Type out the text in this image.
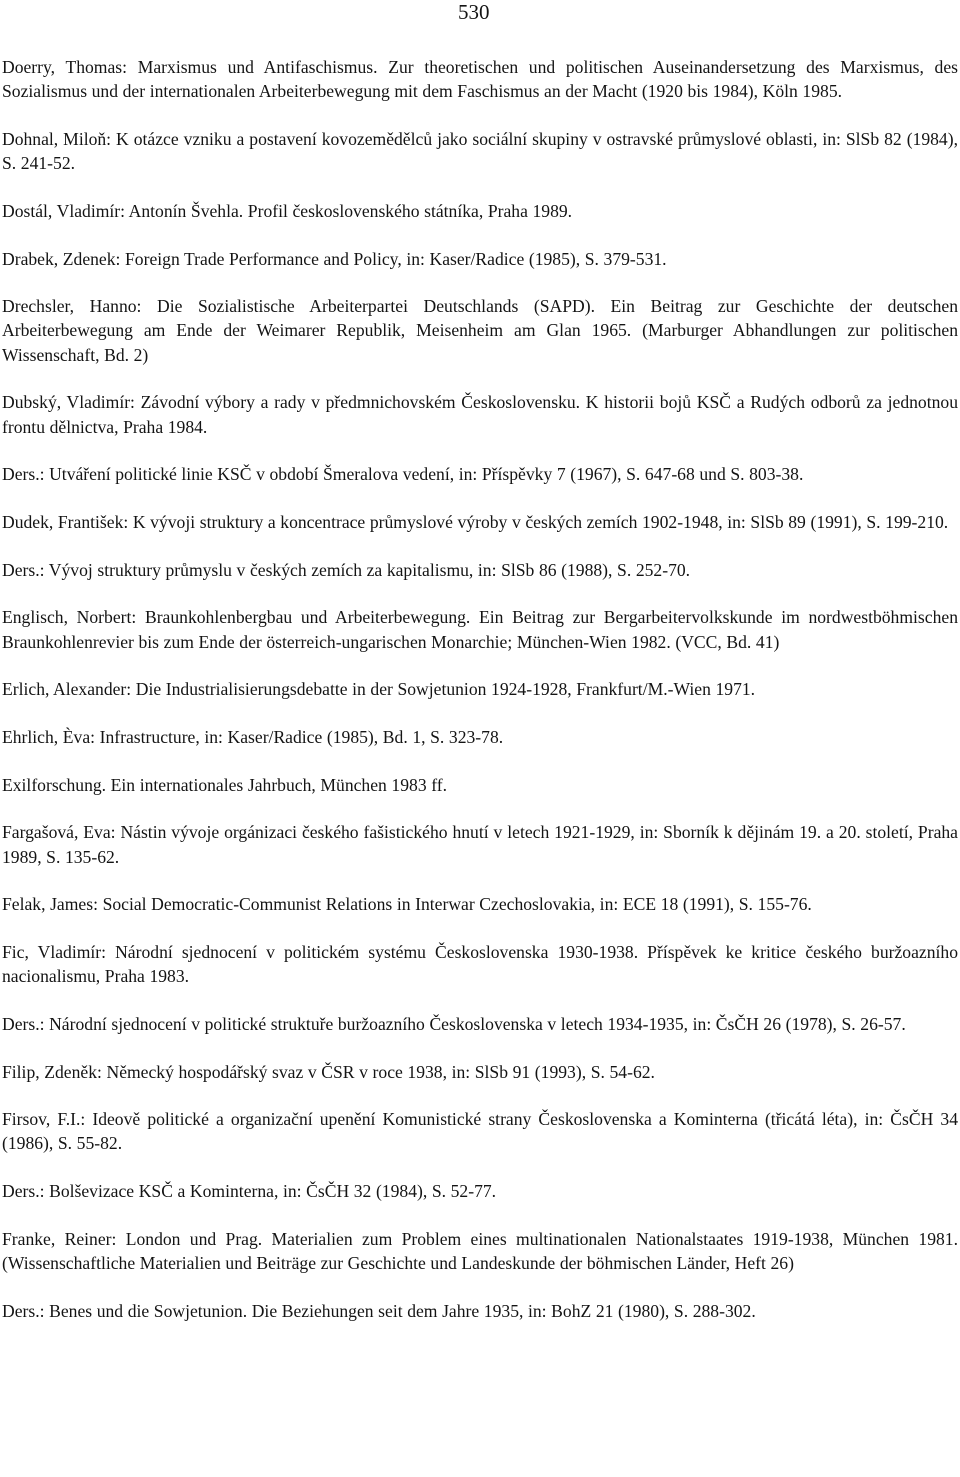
530

Doerry, Thomas: Marxismus und Antifaschismus. Zur theoretischen und politischen Auseinandersetzung des Marxismus, des Sozialismus und der internationalen Arbeiterbewegung mit dem Faschismus an der Macht (1920 bis 1984), Köln 1985.

Dohnal, Miloň: K otázce vzniku a postavení kovozemědělců jako sociální skupiny v ostravské průmyslové oblasti, in: SlSb 82 (1984), S. 241-52.

Dostál, Vladimír: Antonín Švehla. Profil československého státníka, Praha 1989.

Drabek, Zdenek: Foreign Trade Performance and Policy, in: Kaser/Radice (1985), S. 379-531.

Drechsler, Hanno: Die Sozialistische Arbeiterpartei Deutschlands (SAPD). Ein Beitrag zur Geschichte der deutschen Arbeiterbewegung am Ende der Weimarer Republik, Meisenheim am Glan 1965. (Marburger Abhandlungen zur politischen Wissenschaft, Bd. 2)

Dubský, Vladimír: Závodní výbory a rady v předmnichovském Československu. K historii bojů KSČ a Rudých odborů za jednotnou frontu dělnictva, Praha 1984.

Ders.: Utváření politické linie KSČ v období Šmeralova vedení, in: Příspěvky 7 (1967), S. 647-68 und S. 803-38.

Dudek, František: K vývoji struktury a koncentrace průmyslové výroby v českých zemích 1902-1948, in: SlSb 89 (1991), S. 199-210.

Ders.: Vývoj struktury průmyslu v českých zemích za kapitalismu, in: SlSb 86 (1988), S. 252-70.

Englisch, Norbert: Braunkohlenbergbau und Arbeiterbewegung. Ein Beitrag zur Bergarbeitervolkskunde im nordwestböhmischen Braunkohlenrevier bis zum Ende der österreich-ungarischen Monarchie; München-Wien 1982. (VCC, Bd. 41)

Erlich, Alexander: Die Industrialisierungsdebatte in der Sowjetunion 1924-1928, Frankfurt/M.-Wien 1971.

Ehrlich, Èva: Infrastructure, in: Kaser/Radice (1985), Bd. 1, S. 323-78.

Exilforschung. Ein internationales Jahrbuch, München 1983 ff.

Fargašová, Eva: Nástin vývoje orgánizaci českého fašistického hnutí v letech 1921-1929, in: Sborník k dějinám 19. a 20. století, Praha 1989, S. 135-62.

Felak, James: Social Democratic-Communist Relations in Interwar Czechoslovakia, in: ECE 18 (1991), S. 155-76.

Fic, Vladimír: Národní sjednocení v politickém systému Československa 1930-1938. Příspěvek ke kritice českého buržoazního nacionalismu, Praha 1983.

Ders.: Národní sjednocení v politické struktuře buržoazního Československa v letech 1934-1935, in: ČsČH 26 (1978), S. 26-57.

Filip, Zdeněk: Německý hospodářský svaz v ČSR v roce 1938, in: SlSb 91 (1993), S. 54-62.

Firsov, F.I.: Ideově politické a organizační upenění Komunistické strany Československa a Kominterna (třicátá léta), in: ČsČH 34 (1986), S. 55-82.

Ders.: Bolševizace KSČ a Kominterna, in: ČsČH 32 (1984), S. 52-77.

Franke, Reiner: London und Prag. Materialien zum Problem eines multinationalen Nationalstaates 1919-1938, München 1981. (Wissenschaftliche Materialien und Beiträge zur Geschichte und Landeskunde der böhmischen Länder, Heft 26)

Ders.: Benes und die Sowjetunion. Die Beziehungen seit dem Jahre 1935, in: BohZ 21 (1980), S. 288-302.
